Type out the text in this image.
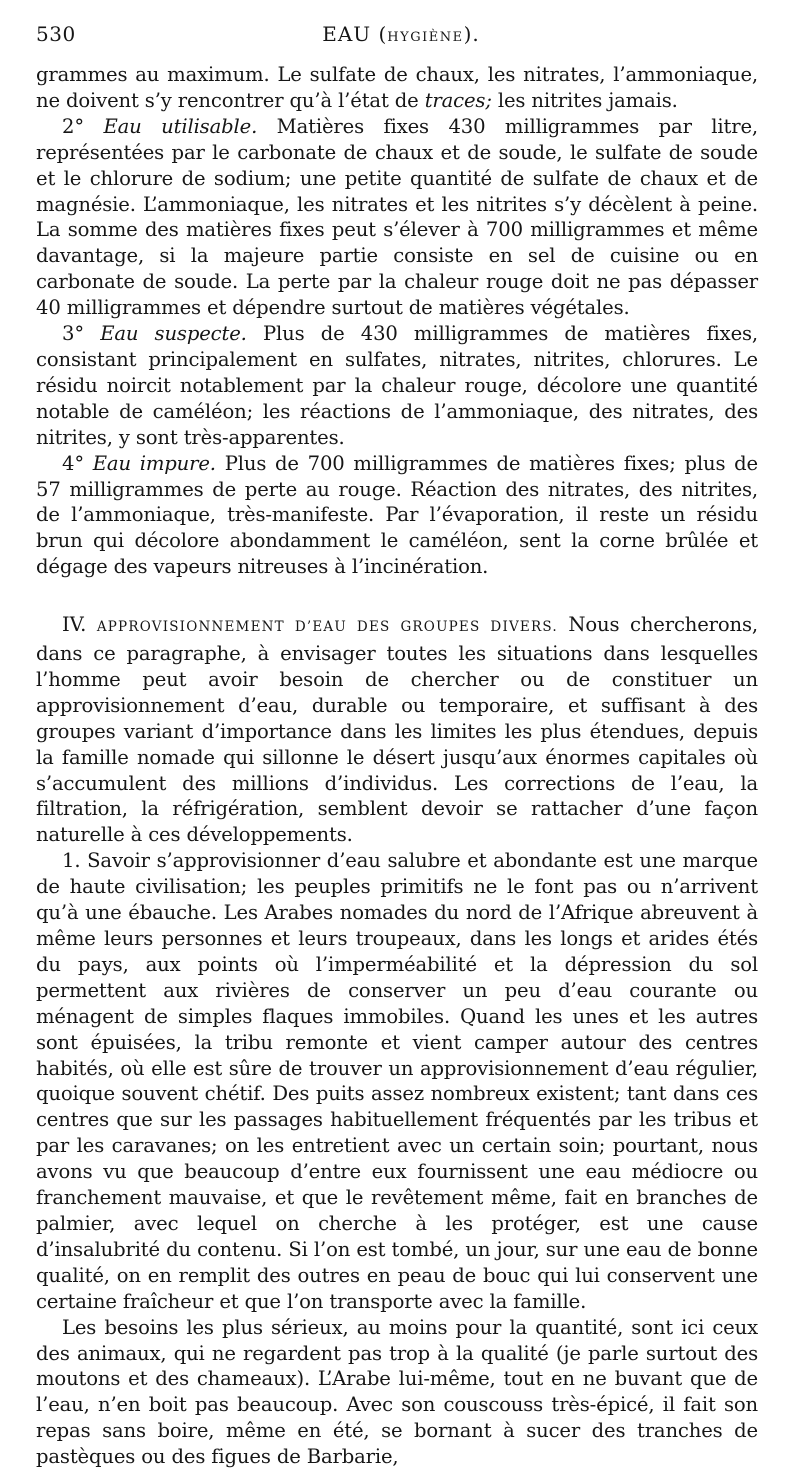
530	EAU (HYGIÈNE).

grammes au maximum. Le sulfate de chaux, les nitrates, l’ammoniaque, ne doivent s’y rencontrer qu’à l’état de traces; les nitrites jamais.

2° Eau utilisable. Matières fixes 430 milligrammes par litre, représentées par le carbonate de chaux et de soude, le sulfate de soude et le chlorure de sodium; une petite quantité de sulfate de chaux et de magnésie. L’ammoniaque, les nitrates et les nitrites s’y décèlent à peine. La somme des matières fixes peut s’élever à 700 milligrammes et même davantage, si la majeure partie consiste en sel de cuisine ou en carbonate de soude. La perte par la chaleur rouge doit ne pas dépasser 40 milligrammes et dépendre surtout de matières végétales.

3° Eau suspecte. Plus de 430 milligrammes de matières fixes, consistant principalement en sulfates, nitrates, nitrites, chlorures. Le résidu noircit notablement par la chaleur rouge, décolore une quantité notable de caméléon; les réactions de l’ammoniaque, des nitrates, des nitrites, y sont très-apparentes.

4° Eau impure. Plus de 700 milligrammes de matières fixes; plus de 57 milligrammes de perte au rouge. Réaction des nitrates, des nitrites, de l’ammoniaque, très-manifeste. Par l’évaporation, il reste un résidu brun qui décolore abondamment le caméléon, sent la corne brûlée et dégage des vapeurs nitreuses à l’incinération.

IV. APPROVISIONNEMENT D’EAU DES GROUPES DIVERS. Nous chercherons, dans ce paragraphe, à envisager toutes les situations dans lesquelles l’homme peut avoir besoin de chercher ou de constituer un approvisionnement d’eau, durable ou temporaire, et suffisant à des groupes variant d’importance dans les limites les plus étendues, depuis la famille nomade qui sillonne le désert jusqu’aux énormes capitales où s’accumulent des millions d’individus. Les corrections de l’eau, la filtration, la réfrigération, semblent devoir se rattacher d’une façon naturelle à ces développements.

1. Savoir s’approvisionner d’eau salubre et abondante est une marque de haute civilisation; les peuples primitifs ne le font pas ou n’arrivent qu’à une ébauche. Les Arabes nomades du nord de l’Afrique abreuvent à même leurs personnes et leurs troupeaux, dans les longs et arides étés du pays, aux points où l’imperméabilité et la dépression du sol permettent aux rivières de conserver un peu d’eau courante ou ménagent de simples flaques immobiles. Quand les unes et les autres sont épuisées, la tribu remonte et vient camper autour des centres habités, où elle est sûre de trouver un approvisionnement d’eau régulier, quoique souvent chétif. Des puits assez nombreux existent; tant dans ces centres que sur les passages habituellement fréquentés par les tribus et par les caravanes; on les entretient avec un certain soin; pourtant, nous avons vu que beaucoup d’entre eux fournissent une eau médiocre ou franchement mauvaise, et que le revêtement même, fait en branches de palmier, avec lequel on cherche à les protéger, est une cause d’insalubrité du contenu. Si l’on est tombé, un jour, sur une eau de bonne qualité, on en remplit des outres en peau de bouc qui lui conservent une certaine fraîcheur et que l’on transporte avec la famille.

Les besoins les plus sérieux, au moins pour la quantité, sont ici ceux des animaux, qui ne regardent pas trop à la qualité (je parle surtout des moutons et des chameaux). L’Arabe lui-même, tout en ne buvant que de l’eau, n’en boit pas beaucoup. Avec son couscouss très-épicé, il fait son repas sans boire, même en été, se bornant à sucer des tranches de pastèques ou des figues de Barbarie,
